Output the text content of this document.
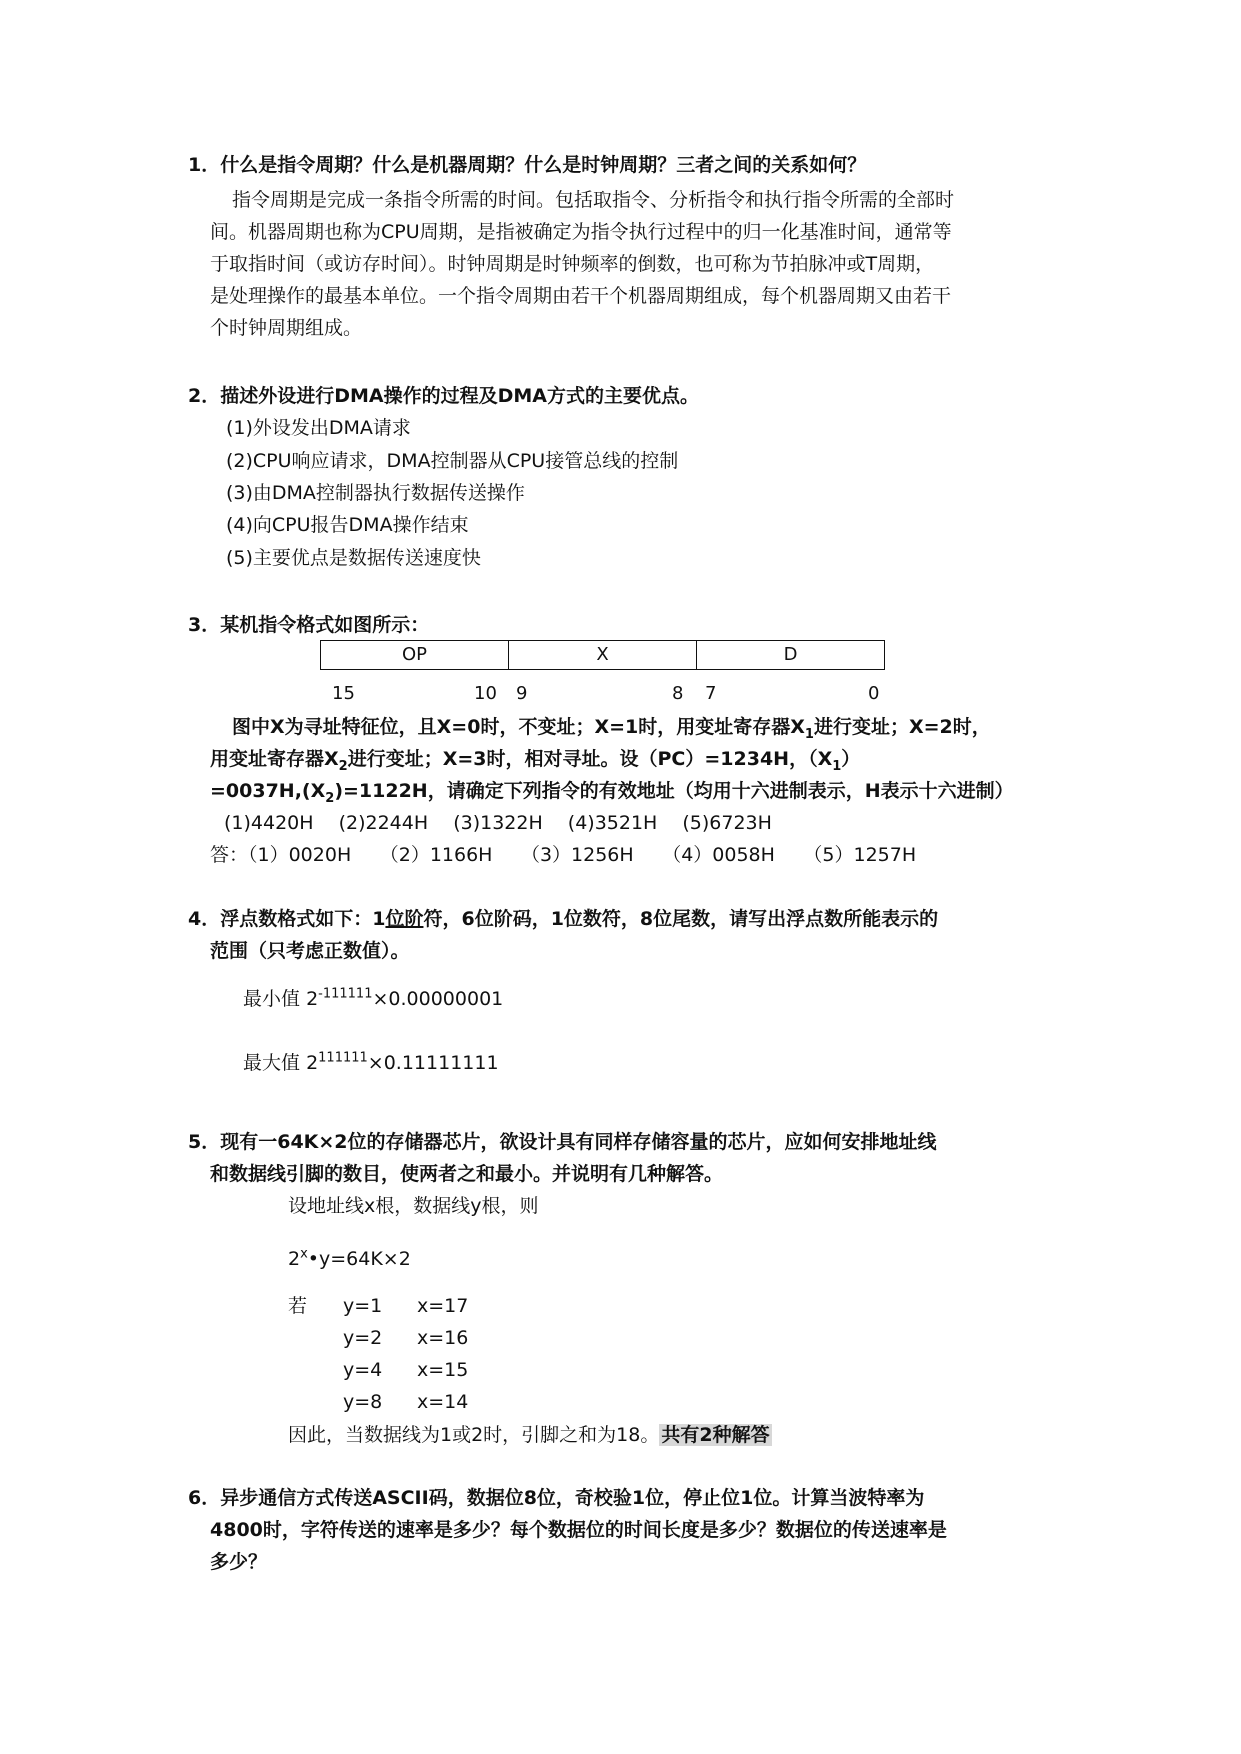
1．什么是指令周期？什么是机器周期？什么是时钟周期？三者之间的关系如何？
指令周期是完成一条指令所需的时间。包括取指令、分析指令和执行指令所需的全部时
间。机器周期也称为CPU周期，是指被确定为指令执行过程中的归一化基准时间，通常等
于取指时间（或访存时间）。时钟周期是时钟频率的倒数，也可称为节拍脉冲或T周期，
是处理操作的最基本单位。一个指令周期由若干个机器周期组成，每个机器周期又由若干
个时钟周期组成。
2．描述外设进行DMA操作的过程及DMA方式的主要优点。
(1)外设发出DMA请求
(2)CPU响应请求，DMA控制器从CPU接管总线的控制
(3)由DMA控制器执行数据传送操作
(4)向CPU报告DMA操作结束
(5)主要优点是数据传送速度快
3．某机指令格式如图所示：
OP	X	D
15	10 9	8 7	0
图中X为寻址特征位，且X=0时，不变址；X=1时，用变址寄存器$X_1$进行变址；X=2时，
用变址寄存器$X_2$进行变址；X=3时，相对寻址。设（PC）=1234H，$(X_1)$
$=0037H,(X_2)=1122H$，请确定下列指令的有效地址（均用十六进制表示，H表示十六进制）
(1)4420H　 (2)2244H　 (3)1322H　 (4)3521H　 (5)6723H
答：（1）0020H　　（2）1166H　　（3）1256H　　（4）0058H　　（5）1257H
4．浮点数格式如下：1位阶符，6位阶码，1位数符，8位尾数，请写出浮点数所能表示的
范围（只考虑正数值）。
最小值 $2^{-111111}\times 0.00000001$
最大值 $2^{111111}\times 0.11111111$
5．现有一64K×2位的存储器芯片，欲设计具有同样存储容量的芯片，应如何安排地址线
和数据线引脚的数目，使两者之和最小。并说明有几种解答。
设地址线x根，数据线y根，则
$2^x•y=64K\times 2$
若 y=1 x=17
y=2 x=16
y=4 x=15
y=8 x=14
因此，当数据线为1或2时，引脚之和为18。 共有2种解答
6．异步通信方式传送ASCII码，数据位8位，奇校验1位，停止位1位。计算当波特率为
4800时，字符传送的速率是多少？每个数据位的时间长度是多少？数据位的传送速率是
多少？
